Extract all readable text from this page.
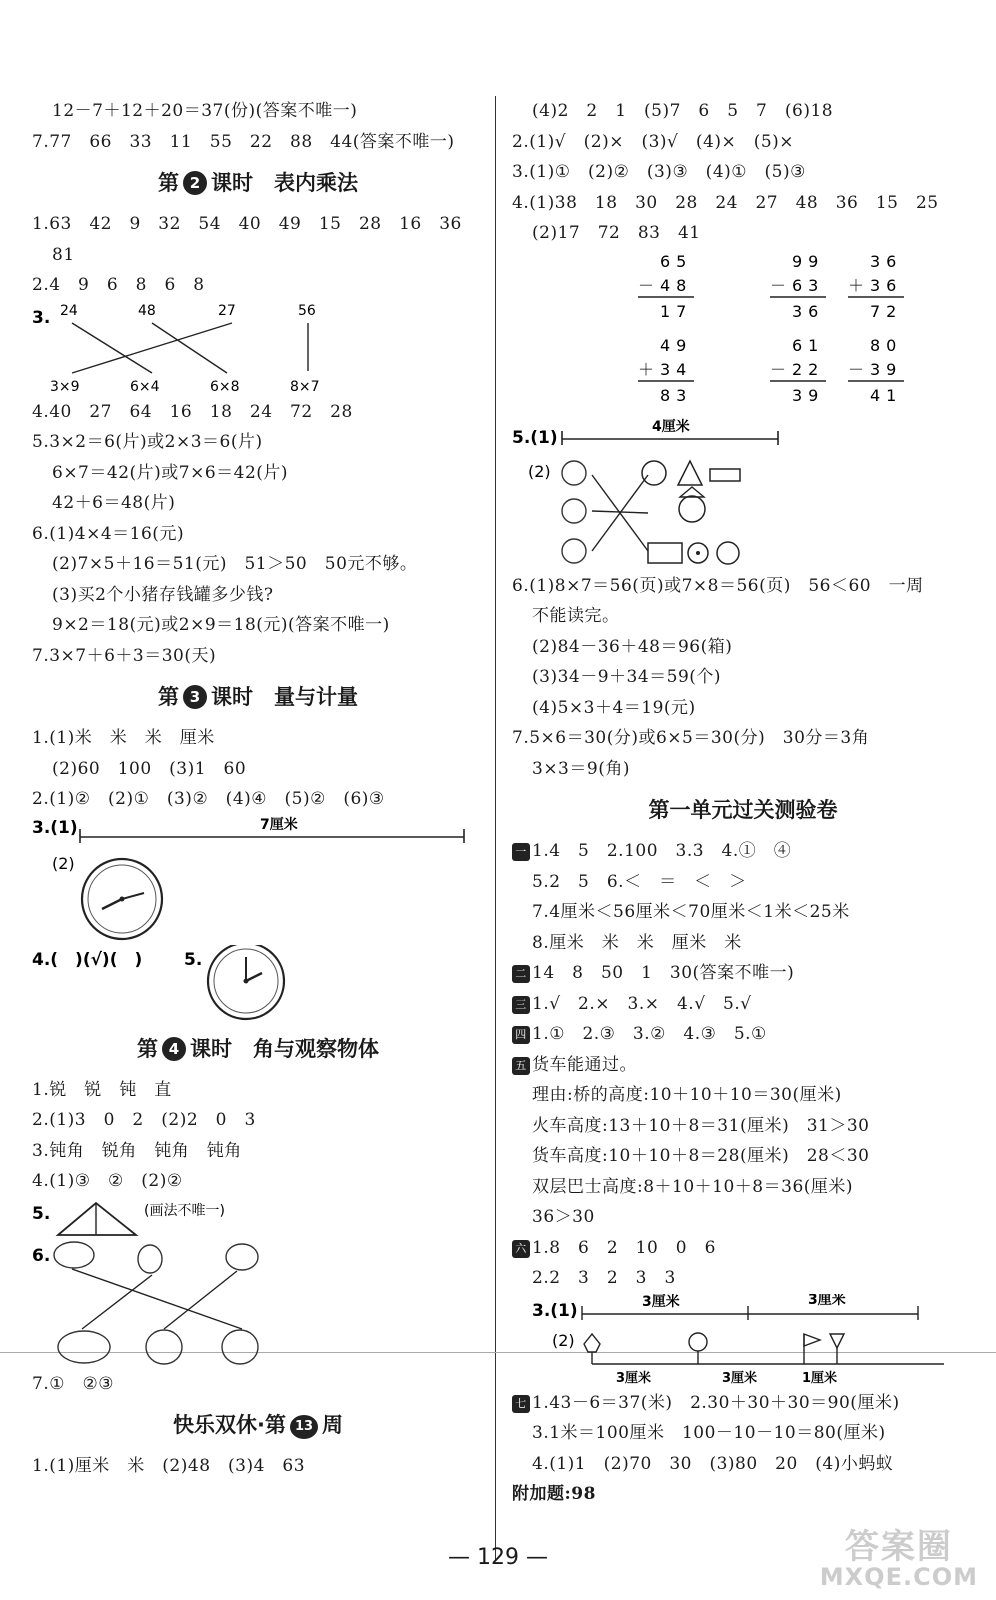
12－7＋12＋20＝37(份)(答案不唯一)
7.77　66　33　11　55　22　88　44(答案不唯一)
第 2 课时　表内乘法
1.63　42　9　32　54　40　49　15　28　16　36
81
2.4　9　6　8　6　8
3. 24	48	27	56
3×9	6×4	6×8	8×7
4.40　27　64　16　18　24　72　28
5.3×2＝6(片)或2×3＝6(片)
6×7＝42(片)或7×6＝42(片)
42＋6＝48(片)
6.(1)4×4＝16(元)
(2)7×5＋16＝51(元)　51＞50　50元不够。
(3)买2个小猪存钱罐多少钱?
9×2＝18(元)或2×9＝18(元)(答案不唯一)
7.3×7＋6＋3＝30(天)
第 3 课时　量与计量
1.(1)米　米　米　厘米
(2)60　100　(3)1　60
2.(1)②　(2)①　(3)②　(4)④　(5)②　(6)③
3.(1)	7厘米
(2)
4.(　)(√)(　) 5.
第 4 课时　角与观察物体
1.锐　锐　钝　直
2.(1)3　0　2　(2)2　0　3
3.钝角　锐角　钝角　钝角
4.(1)③　②　(2)②
5.	(画法不唯一)
6.
7.①　②③
快乐双休·第 13 周
1.(1)厘米　米　(2)48　(3)4　63
(4)2　2　1　(5)7　6　5　7　(6)18
2.(1)√　(2)×　(3)√　(4)×　(5)×
3.(1)①　(2)②　(3)③　(4)①　(5)③
4.(1)38　18　30　28　24　27　48　36　15　25
(2)17　72　83　41
65
－ 48
17
99
－ 63
36
36
＋ 36
72
49
＋ 34
83
61
－ 22
39
80
－ 39
41
5.(1)
4厘米
(2)
6.(1)8×7＝56(页)或7×8＝56(页)　56＜60　一周
不能读完。
(2)84－36＋48＝96(箱)
(3)34－9＋34＝59(个)
(4)5×3＋4＝19(元)
7.5×6＝30(分)或6×5＝30(分)　30分＝3角
3×3＝9(角)
第一单元过关测验卷
一 1.4　5　2.100　3.3　4.①　④
5.2　5　6.＜　＝　＜　＞
7.4厘米＜56厘米＜70厘米＜1米＜25米
8.厘米　米　米　厘米　米
二 14　8　50　1　30(答案不唯一)
三 1.√　2.×　3.×　4.√　5.√
四 1.①　2.③　3.②　4.③　5.①
五 货车能通过。
理由:桥的高度:10＋10＋10＝30(厘米)
火车高度:13＋10＋8＝31(厘米)　31＞30
货车高度:10＋10＋8＝28(厘米)　28＜30
双层巴士高度:8＋10＋10＋8＝36(厘米)
36＞30
六 1.8　6　2　10　0　6
2.2　3　2　3　3
3.(1)	3厘米	3厘米
(2)
3厘米	3厘米	1厘米
七 1.43－6＝37(米)　2.30＋30＋30＝90(厘米)
3.1米＝100厘米　100－10－10＝80(厘米)
4.(1)1　(2)70　30　(3)80　20　(4)小蚂蚁
附加题:98
— 129 —	答案圈
MXQE.COM
